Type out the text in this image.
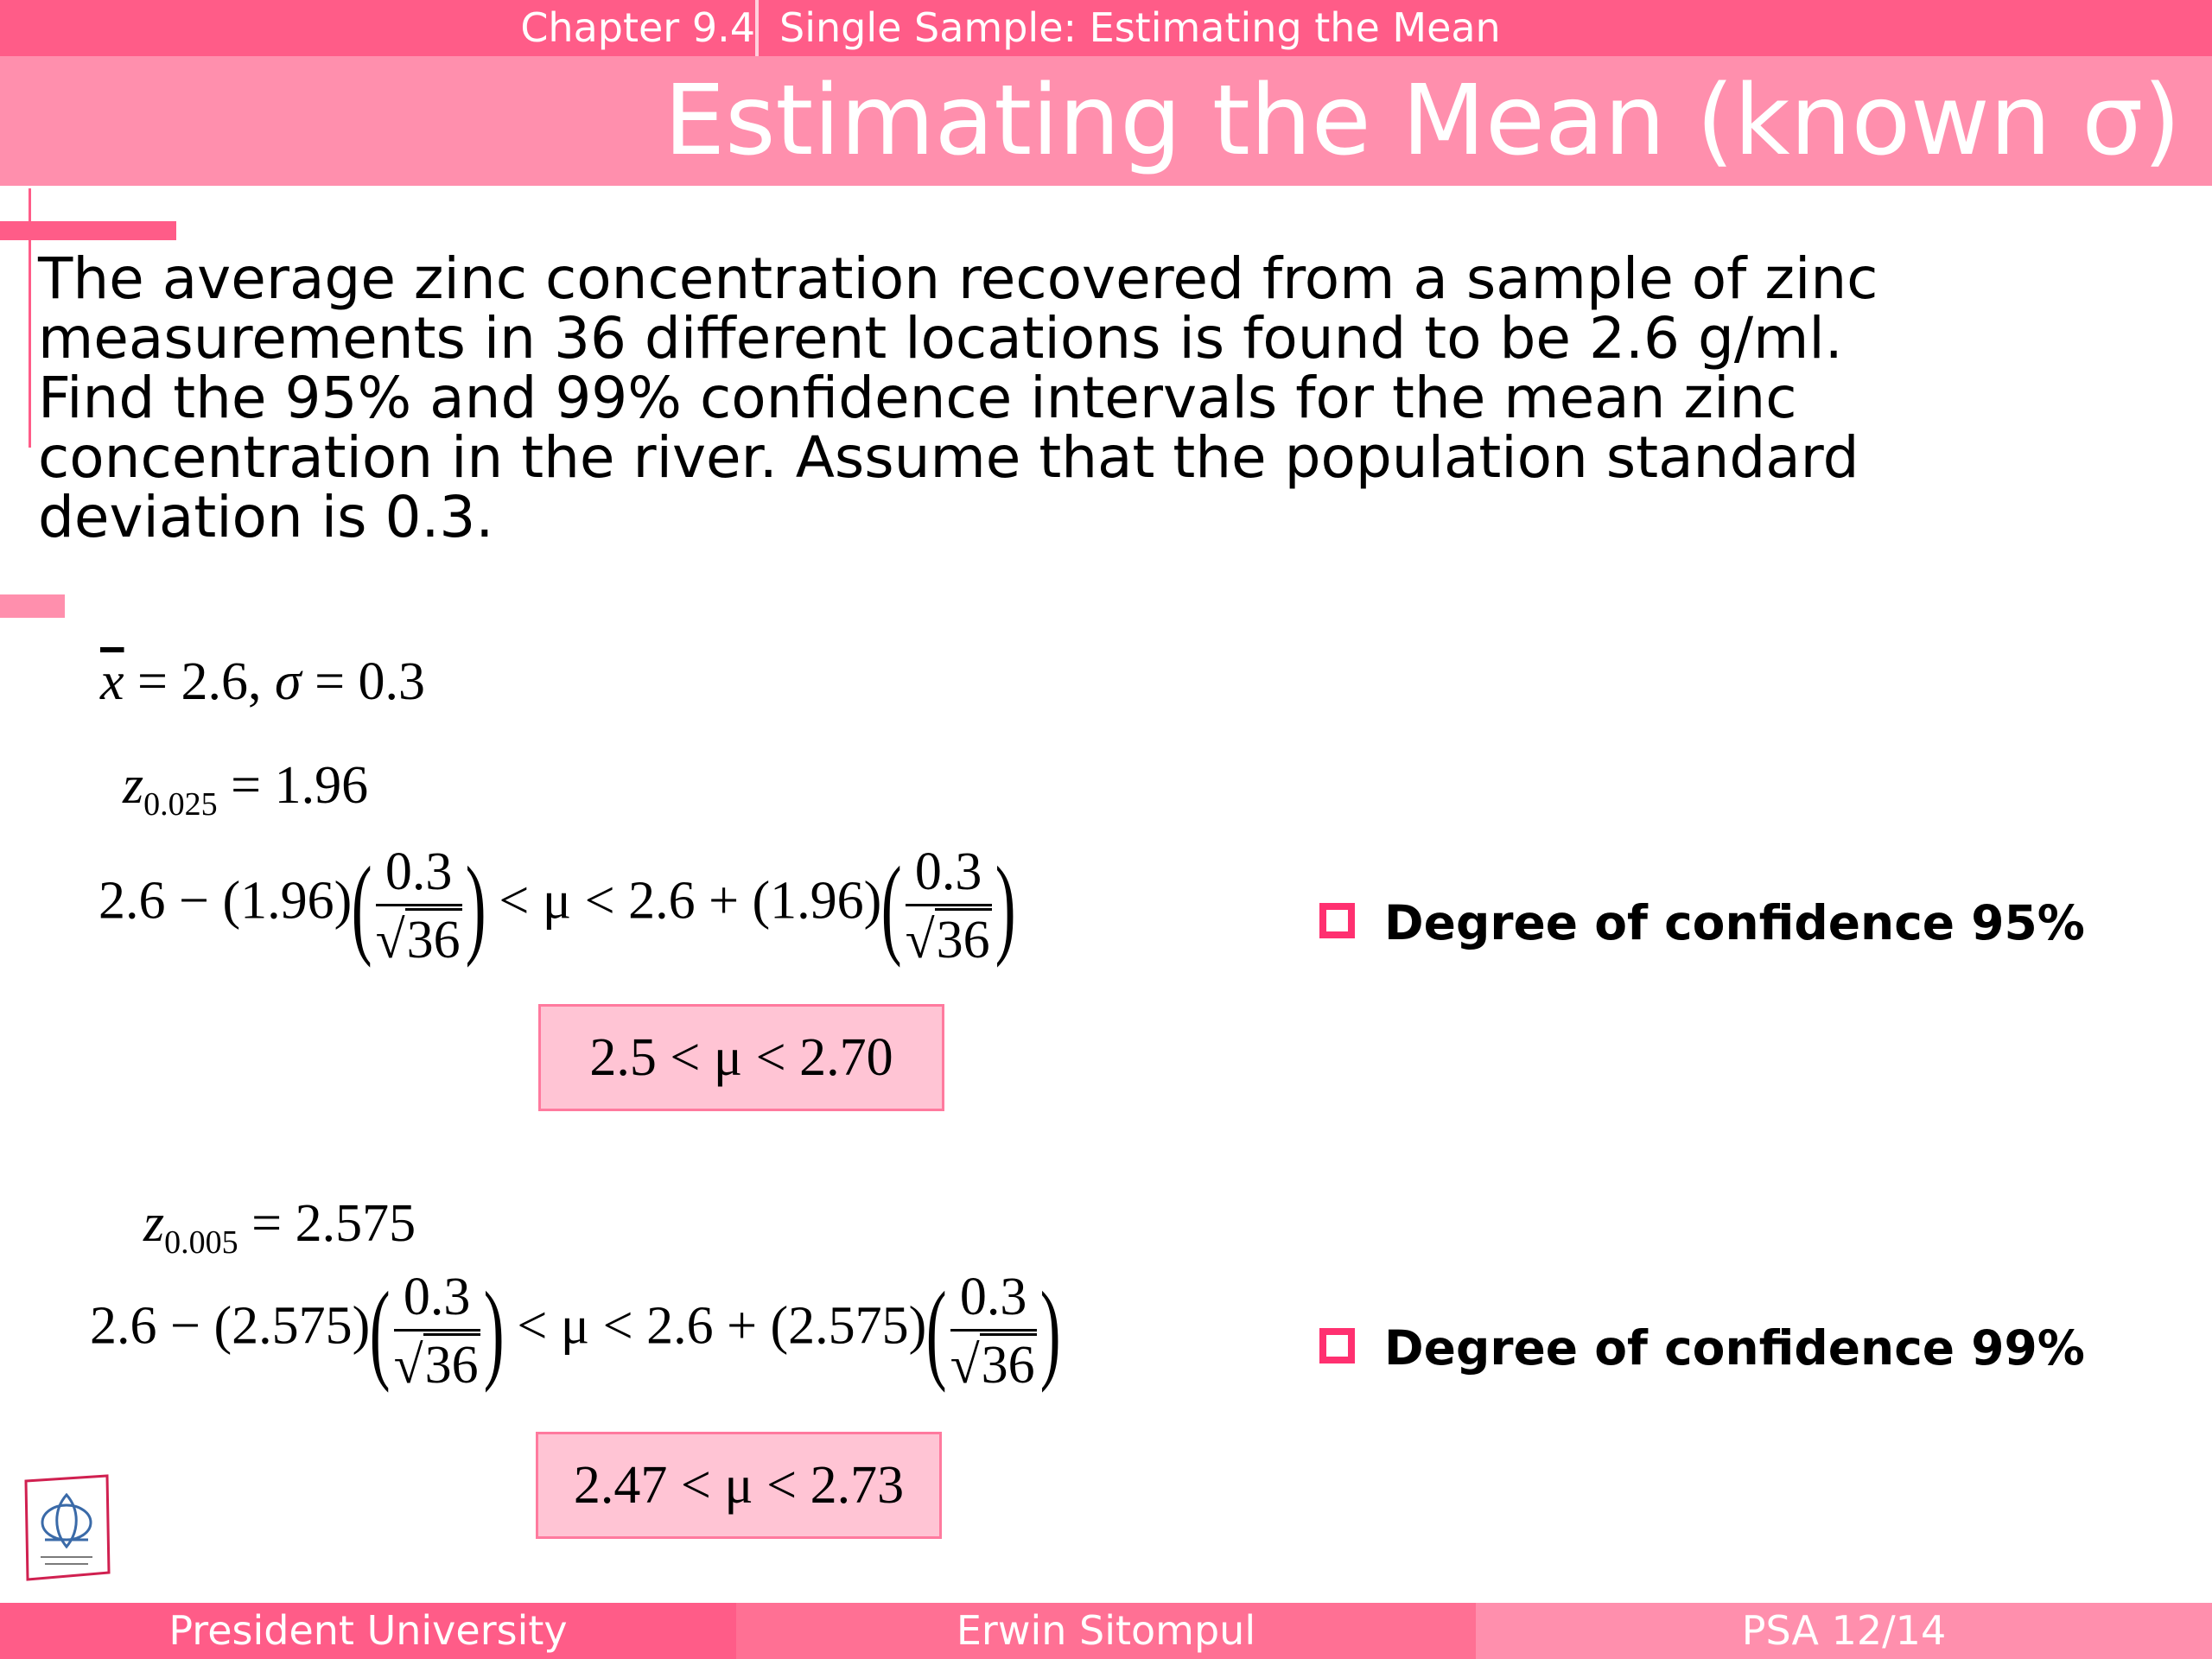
Chapter 9.4 Single Sample: Estimating the Mean
Estimating the Mean (known σ)

The average zinc concentration recovered from a sample of zinc
measurements in 36 different locations is found to be 2.6 g/ml.
Find the 95% and 99% confidence intervals for the mean zinc
concentration in the river. Assume that the population standard
deviation is 0.3.

$\overline{x} = 2.6$, σ = 0.3
$z_{0.025} = 1.96$
$2.6 - (1.96)( \frac{0.3}{√36}$ ) < $\mu < 2.6 + (1.96)( \frac{0.3}{√36}$ )
2.5 < μ < 2.70
Degree of confidence 95%
$z_{0.005} = 2.575$
$2.6 - (2.575)( \frac{0.3}{√36}$ ) < $\mu < 2.6 + (2.575)( \frac{0.3}{√36}$ )
2.47 < μ < 2.73
Degree of confidence 99%
President University	Erwin Sitompul	PSA 12/14
